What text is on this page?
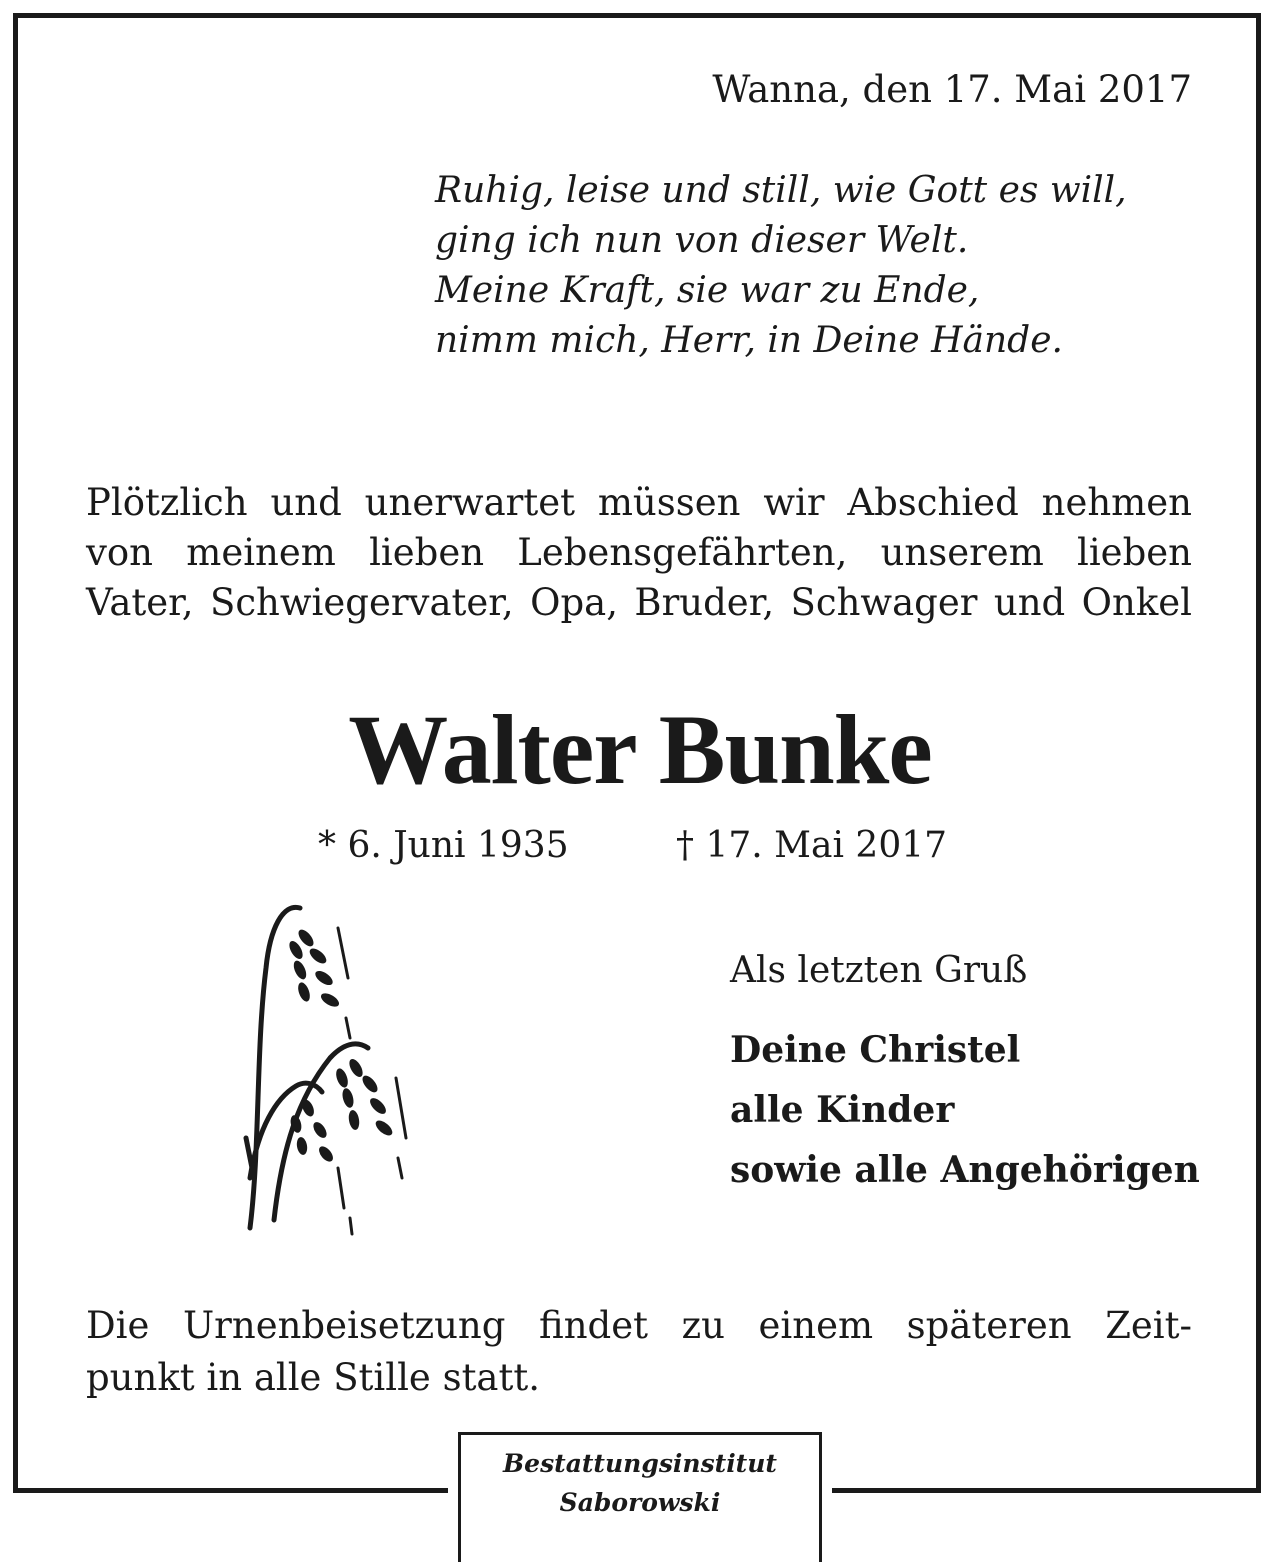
Wanna, den 17. Mai 2017
Ruhig, leise und still, wie Gott es will,
ging ich nun von dieser Welt.
Meine Kraft, sie war zu Ende,
nimm mich, Herr, in Deine Hände.
Plötzlich und unerwartet müssen wir Abschied nehmen
von meinem lieben Lebensgefährten, unserem lieben
Vater, Schwiegervater, Opa, Bruder, Schwager und Onkel
Walter Bunke
* 6. Juni 1935	† 17. Mai 2017
Als letzten Gruß
Deine Christel
alle Kinder
sowie alle Angehörigen
Die Urnenbeisetzung findet zu einem späteren Zeit-
punkt in alle Stille statt.
Bestattungsinstitut
Saborowski
